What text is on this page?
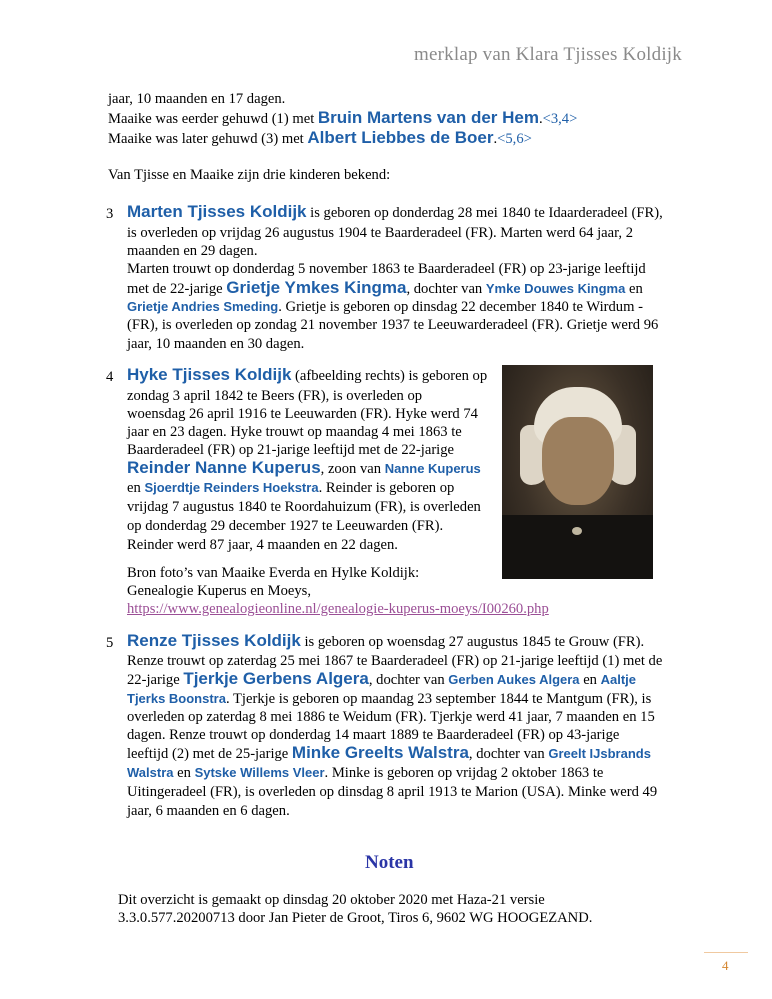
merklap van Klara Tjisses Koldijk
jaar, 10 maanden en 17 dagen.
Maaike was eerder gehuwd (1) met Bruin Martens van der Hem.<3,4>
Maaike was later gehuwd (3) met Albert Liebbes de Boer.<5,6>
Van Tjisse en Maaike zijn drie kinderen bekend:
3 Marten Tjisses Koldijk is geboren op donderdag 28 mei 1840 te Idaarderadeel (FR),
is overleden op vrijdag 26 augustus 1904 te Baarderadeel (FR). Marten werd 64 jaar, 2
maanden en 29 dagen.
Marten trouwt op donderdag 5 november 1863 te Baarderadeel (FR) op 23-jarige leeftijd
met de 22-jarige Grietje Ymkes Kingma, dochter van Ymke Douwes Kingma en
Grietje Andries Smeding. Grietje is geboren op dinsdag 22 december 1840 te Wirdum -
(FR), is overleden op zondag 21 november 1937 te Leeuwarderadeel (FR). Grietje werd 96
jaar, 10 maanden en 30 dagen.
4 Hyke Tjisses Koldijk (afbeelding rechts) is geboren op
zondag 3 april 1842 te Beers (FR), is overleden op
woensdag 26 april 1916 te Leeuwarden (FR). Hyke werd 74
jaar en 23 dagen. Hyke trouwt op maandag 4 mei 1863 te
Baarderadeel (FR) op 21-jarige leeftijd met de 22-jarige
Reinder Nanne Kuperus, zoon van Nanne Kuperus
en Sjoerdtje Reinders Hoekstra. Reinder is geboren op
vrijdag 7 augustus 1840 te Roordahuizum (FR), is overleden
op donderdag 29 december 1927 te Leeuwarden (FR).
Reinder werd 87 jaar, 4 maanden en 22 dagen.
Bron foto’s van Maaike Everda en Hylke Koldijk:
Genealogie Kuperus en Moeys,
https://www.genealogieonline.nl/genealogie-kuperus-moeys/I00260.php
5 Renze Tjisses Koldijk is geboren op woensdag 27 augustus 1845 te Grouw (FR).
Renze trouwt op zaterdag 25 mei 1867 te Baarderadeel (FR) op 21-jarige leeftijd (1) met de
22-jarige Tjerkje Gerbens Algera, dochter van Gerben Aukes Algera en Aaltje
Tjerks Boonstra. Tjerkje is geboren op maandag 23 september 1844 te Mantgum (FR), is
overleden op zaterdag 8 mei 1886 te Weidum (FR). Tjerkje werd 41 jaar, 7 maanden en 15
dagen. Renze trouwt op donderdag 14 maart 1889 te Baarderadeel (FR) op 43-jarige
leeftijd (2) met de 25-jarige Minke Greelts Walstra, dochter van Greelt IJsbrands
Walstra en Sytske Willems Vleer. Minke is geboren op vrijdag 2 oktober 1863 te
Uitingeradeel (FR), is overleden op dinsdag 8 april 1913 te Marion (USA). Minke werd 49
jaar, 6 maanden en 6 dagen.
Noten
Dit overzicht is gemaakt op dinsdag 20 oktober 2020 met Haza-21 versie
3.3.0.577.20200713 door Jan Pieter de Groot, Tiros 6, 9602 WG HOOGEZAND.
4
